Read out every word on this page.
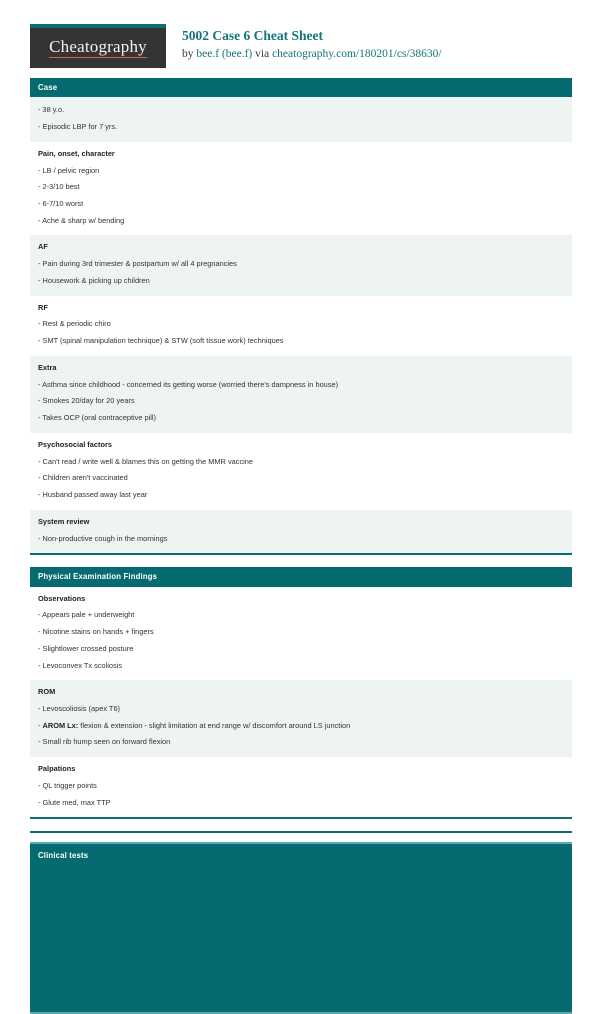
Cheatography
5002 Case 6 Cheat Sheet
by bee.f (bee.f) via cheatography.com/180201/cs/38630/
Case
- 38 y.o.
- Episodic LBP for 7 yrs.
Pain, onset, character
- LB / pelvic region
- 2-3/10 best
- 6-7/10 worst
- Ache & sharp w/ bending
AF
- Pain during 3rd trimester & postpartum w/ all 4 pregnancies
- Housework & picking up children
RF
- Rest & periodic chiro
- SMT (spinal manipulation technique) & STW (soft tissue work) techniques
Extra
- Asthma since childhood - concerned its getting worse (worried there's dampness in house)
- Smokes 20/day for 20 years
- Takes OCP (oral contraceptive pill)
Psychosocial factors
- Can't read / write well & blames this on getting the MMR vaccine
- Children aren't vaccinated
- Husband passed away last year
System review
- Non-productive cough in the mornings
Physical Examination Findings
Observations
- Appears pale + underweight
- Nicotine stains on hands + fingers
- Slightlower crossed posture
- Levoconvex Tx scoliosis
ROM
- Levoscoliosis (apex T6)
- AROM Lx: flexion & extension - slight limitation at end range w/ discomfort around LS junction
- Small rib hump seen on forward flexion
Palpations
- QL trigger points
- Glute med, max TTP
Clinical tests
